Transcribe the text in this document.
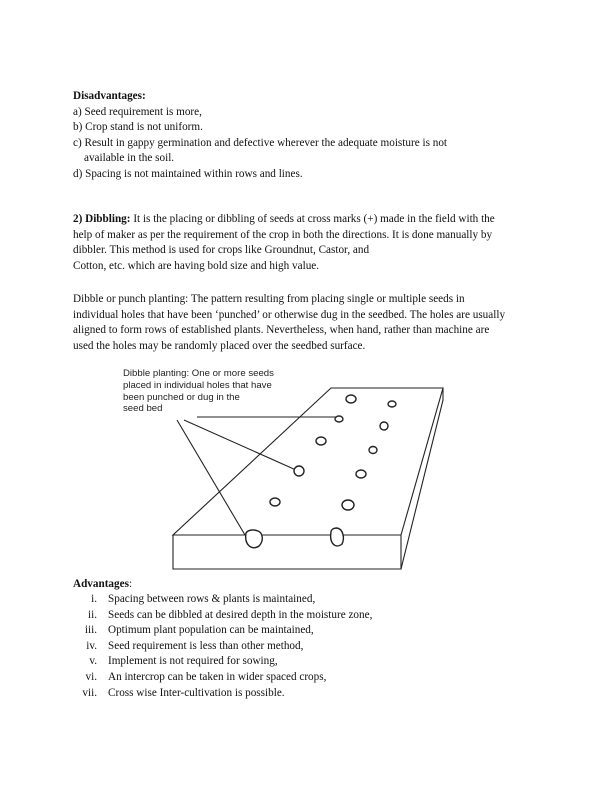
Disadvantages:
a) Seed requirement is more,
b) Crop stand is not uniform.
c) Result in gappy germination and defective wherever the adequate moisture is not
available in the soil.
d) Spacing is not maintained within rows and lines.
2) Dibbling: It is the placing or dibbling of seeds at cross marks (+) made in the field with the
help of maker as per the requirement of the crop in both the directions. It is done manually by
dibbler. This method is used for crops like Groundnut, Castor, and
Cotton, etc. which are having bold size and high value.
Dibble or punch planting: The pattern resulting from placing single or multiple seeds in
individual holes that have been ‘punched’ or otherwise dug in the seedbed. The holes are usually
aligned to form rows of established plants. Nevertheless, when hand, rather than machine are
used the holes may be randomly placed over the seedbed surface.
Dibble planting: One or more seeds
placed in individual holes that have
been punched or dug in the
seed bed
Advantages:
i. Spacing between rows & plants is maintained,
ii. Seeds can be dibbled at desired depth in the moisture zone,
iii. Optimum plant population can be maintained,
iv. Seed requirement is less than other method,
v. Implement is not required for sowing,
vi. An intercrop can be taken in wider spaced crops,
vii. Cross wise Inter-cultivation is possible.
